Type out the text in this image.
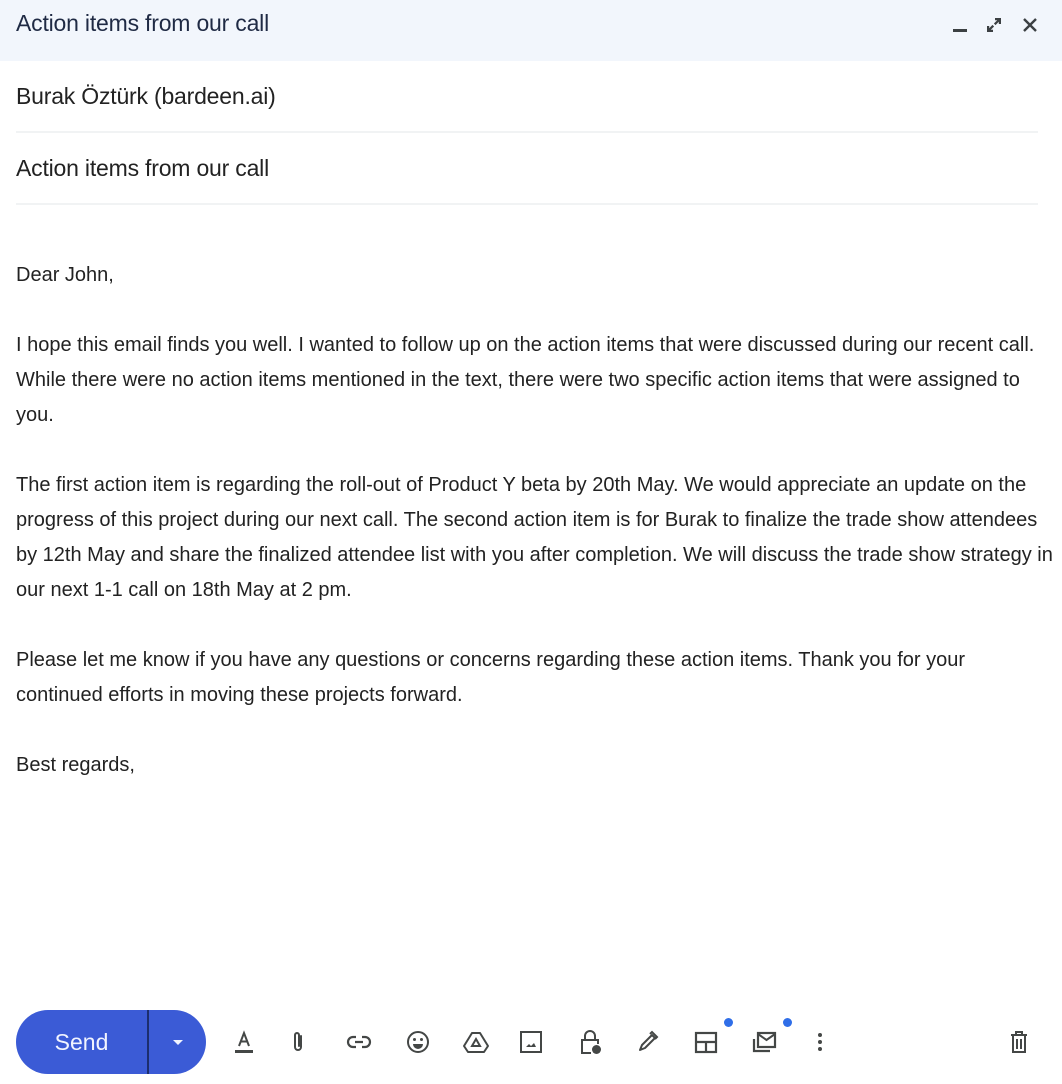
Action items from our call
Burak Öztürk (bardeen.ai)
Action items from our call

Dear John,

I hope this email finds you well. I wanted to follow up on the action items that were discussed during our recent call. While there were no action items mentioned in the text, there were two specific action items that were assigned to you.

The first action item is regarding the roll-out of Product Y beta by 20th May. We would appreciate an update on the progress of this project during our next call. The second action item is for Burak to finalize the trade show attendees by 12th May and share the finalized attendee list with you after completion. We will discuss the trade show strategy in our next 1-1 call on 18th May at 2 pm.

Please let me know if you have any questions or concerns regarding these action items. Thank you for your continued efforts in moving these projects forward.

Best regards,

Send
